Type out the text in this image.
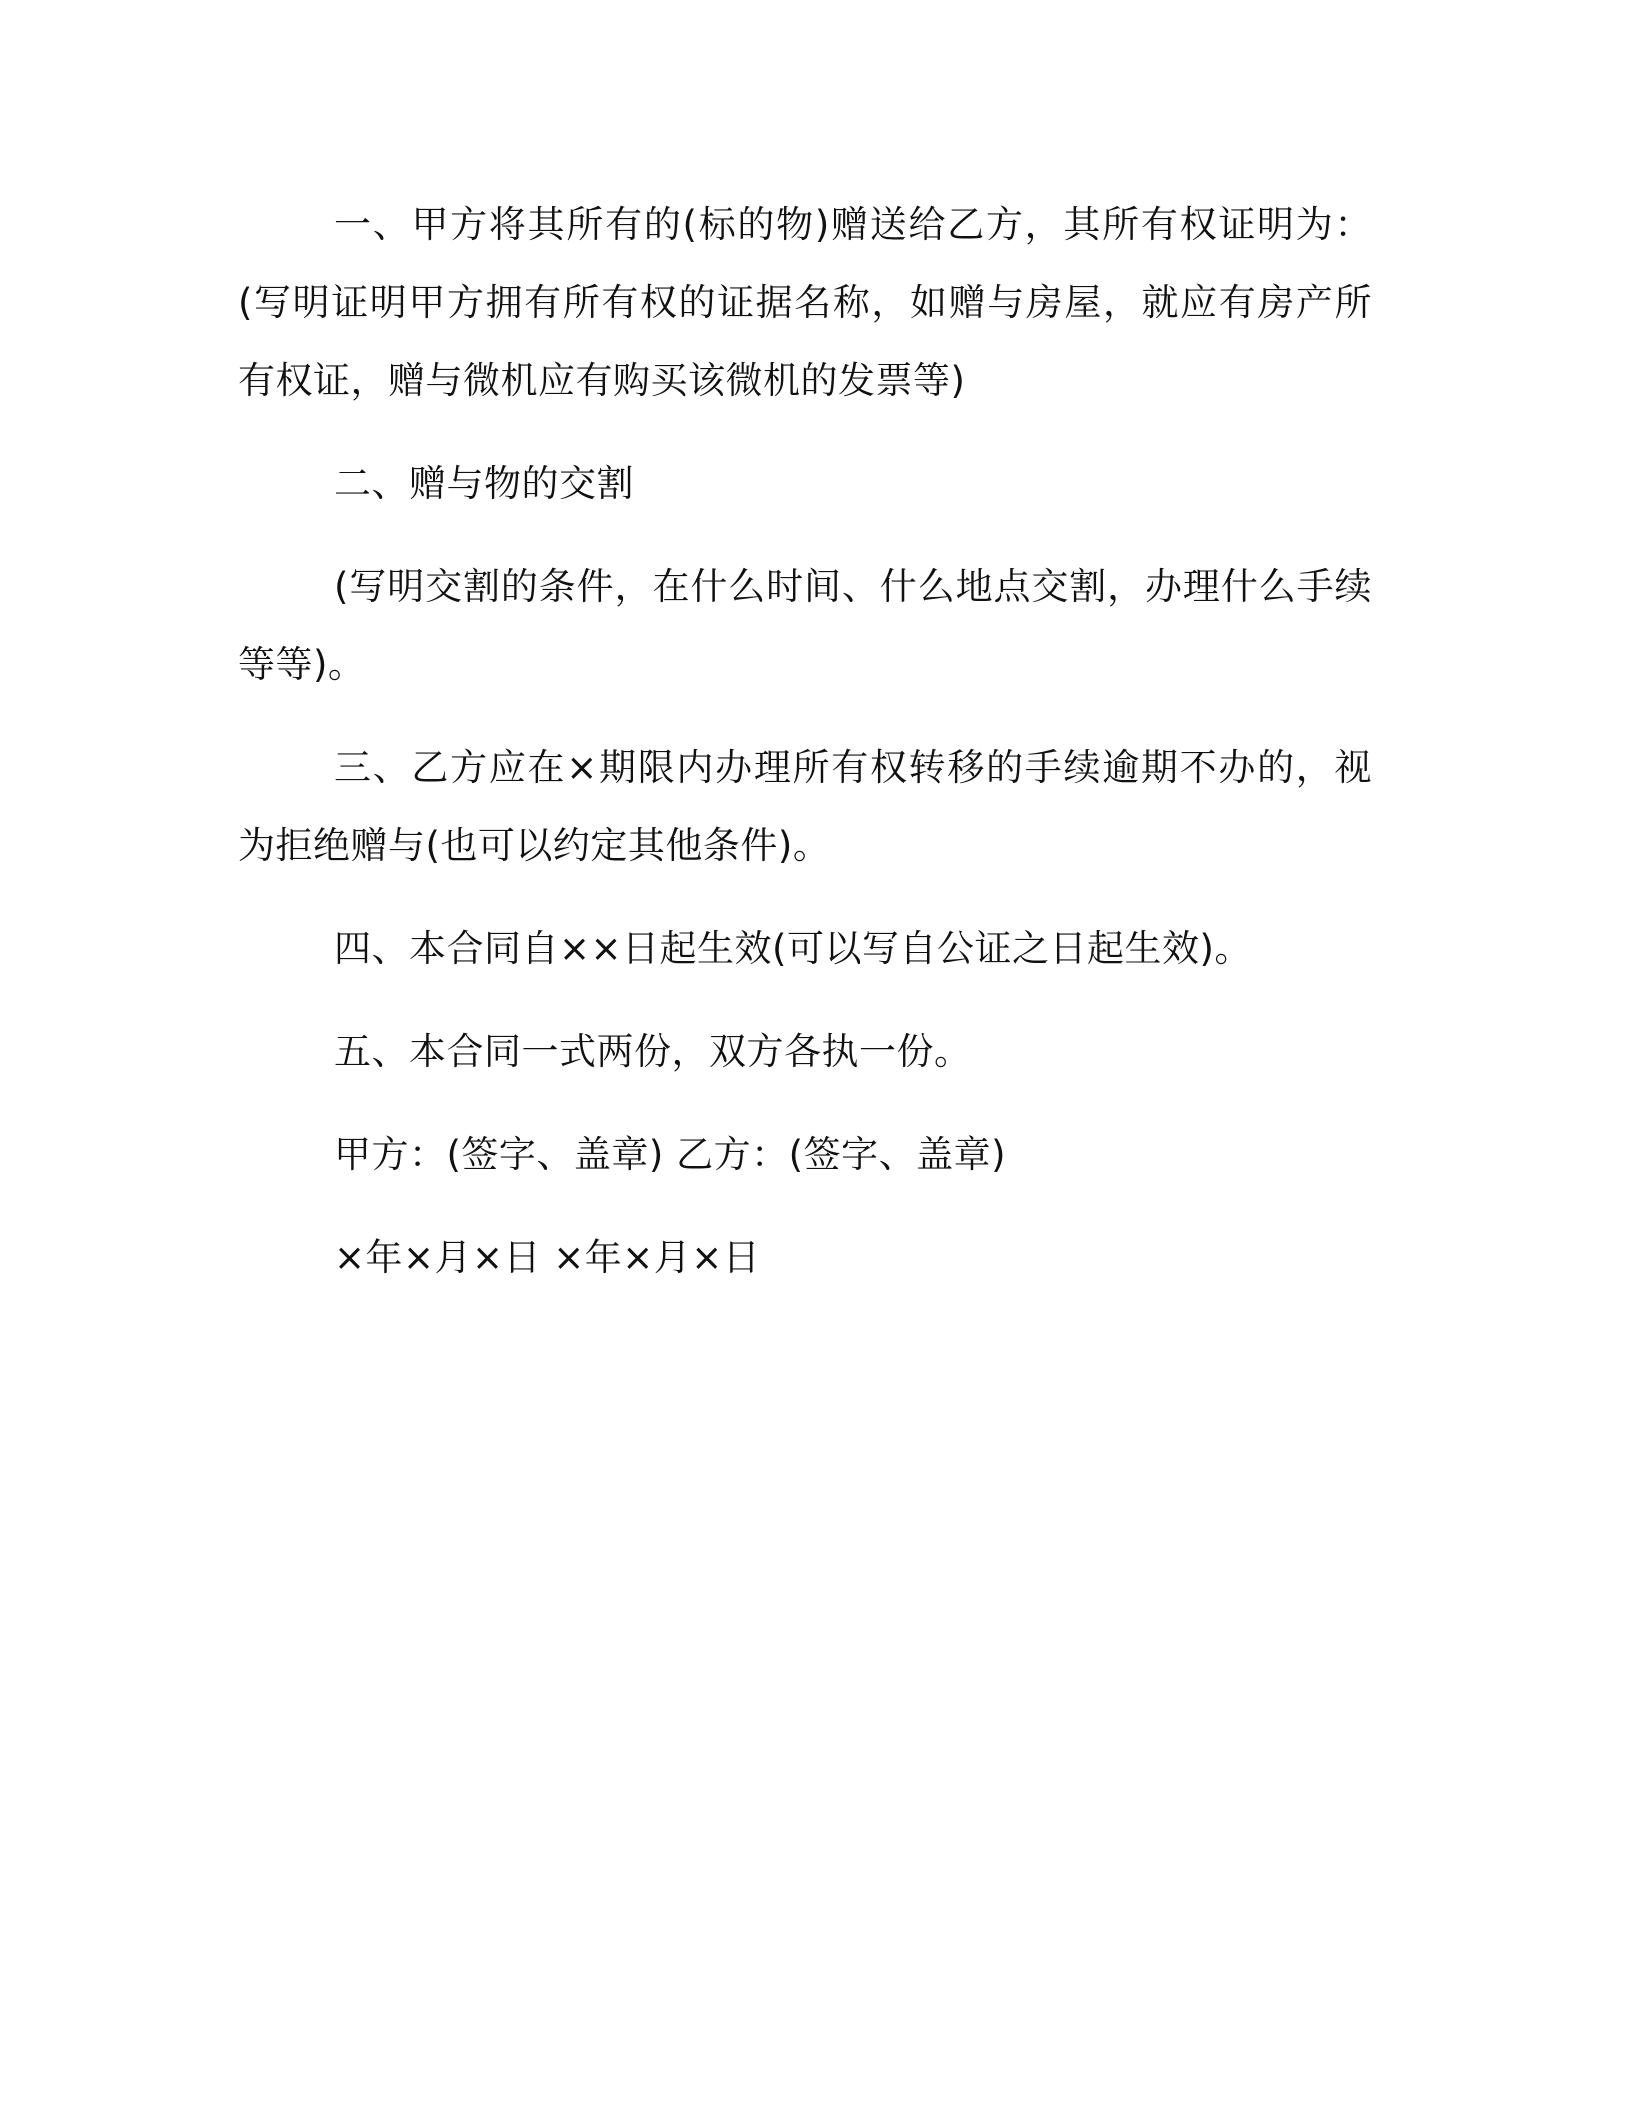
一、甲方将其所有的(标的物)赠送给乙方，其所有权证明为：(写明证明甲方拥有所有权的证据名称，如赠与房屋，就应有房产所有权证，赠与微机应有购买该微机的发票等)

二、赠与物的交割

(写明交割的条件，在什么时间、什么地点交割，办理什么手续等等)。

三、乙方应在×期限内办理所有权转移的手续逾期不办的，视为拒绝赠与(也可以约定其他条件)。

四、本合同自××日起生效(可以写自公证之日起生效)。

五、本合同一式两份，双方各执一份。

甲方：(签字、盖章) 乙方：(签字、盖章)

×年×月×日 ×年×月×日
